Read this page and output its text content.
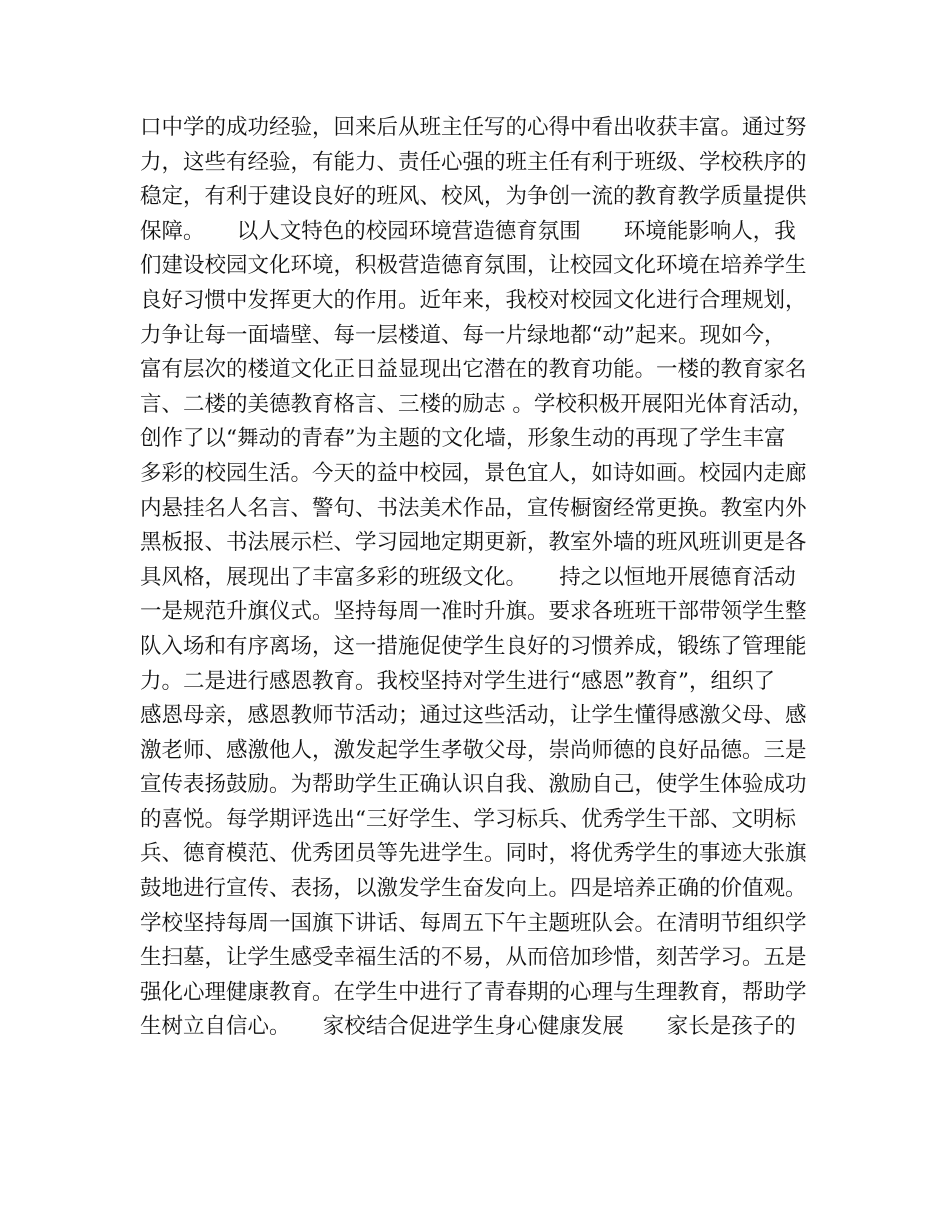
口中学的成功经验，回来后从班主任写的心得中看出收获丰富。通过努
力，这些有经验，有能力、责任心强的班主任有利于班级、学校秩序的
稳定，有利于建设良好的班风、校风，为争创一流的教育教学质量提供
保障。　　以人文特色的校园环境营造德育氛围　　环境能影响人，我
们建设校园文化环境，积极营造德育氛围，让校园文化环境在培养学生
良好习惯中发挥更大的作用。近年来，我校对校园文化进行合理规划，
力争让每一面墙壁、每一层楼道、每一片绿地都“动”起来。现如今，
富有层次的楼道文化正日益显现出它潜在的教育功能。一楼的教育家名
言、二楼的美德教育格言、三楼的励志 。学校积极开展阳光体育活动，
创作了以“舞动的青春”为主题的文化墙，形象生动的再现了学生丰富
多彩的校园生活。今天的益中校园，景色宜人，如诗如画。校园内走廊
内悬挂名人名言、警句、书法美术作品，宣传橱窗经常更换。教室内外
黑板报、书法展示栏、学习园地定期更新，教室外墙的班风班训更是各
具风格，展现出了丰富多彩的班级文化。　　持之以恒地开展德育活动
一是规范升旗仪式。坚持每周一准时升旗。要求各班班干部带领学生整
队入场和有序离场，这一措施促使学生良好的习惯养成，锻练了管理能
力。二是进行感恩教育。我校坚持对学生进行“感恩”教育”，组织了
感恩母亲，感恩教师节活动；通过这些活动，让学生懂得感激父母、感
激老师、感激他人，激发起学生孝敬父母，崇尚师德的良好品德。三是
宣传表扬鼓励。为帮助学生正确认识自我、激励自己，使学生体验成功
的喜悦。每学期评选出“三好学生、学习标兵、优秀学生干部、文明标
兵、德育模范、优秀团员等先进学生。同时，将优秀学生的事迹大张旗
鼓地进行宣传、表扬，以激发学生奋发向上。四是培养正确的价值观。
学校坚持每周一国旗下讲话、每周五下午主题班队会。在清明节组织学
生扫墓，让学生感受幸福生活的不易，从而倍加珍惜，刻苦学习。五是
强化心理健康教育。在学生中进行了青春期的心理与生理教育，帮助学
生树立自信心。　　家校结合促进学生身心健康发展　　家长是孩子的
